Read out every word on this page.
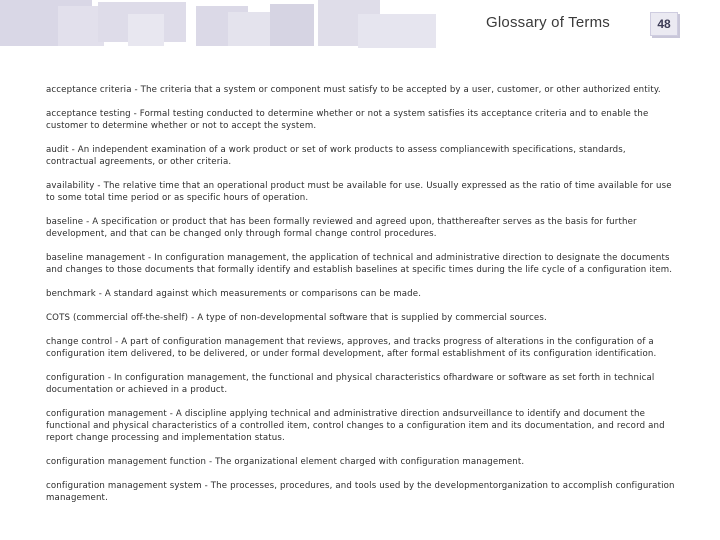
Glossary of Terms	48
acceptance criteria - The criteria that a system or component must satisfy to be accepted by a user, customer, or other authorized entity.
acceptance testing - Formal testing conducted to determine whether or not a system satisfies its acceptance criteria and to enable the customer to determine whether or not to accept the system.
audit - An independent examination of a work product or set of work products to assess compliancewith specifications, standards, contractual agreements, or other criteria.
availability - The relative time that an operational product must be available for use. Usually expressed as the ratio of time available for use to some total time period or as specific hours of operation.
baseline - A specification or product that has been formally reviewed and agreed upon, thatthereafter serves as the basis for further development, and that can be changed only through formal change control procedures.
baseline management - In configuration management, the application of technical and administrative direction to designate the documents and changes to those documents that formally identify and establish baselines at specific times during the life cycle of a configuration item.
benchmark - A standard against which measurements or comparisons can be made.
COTS (commercial off-the-shelf) - A type of non-developmental software that is supplied by commercial sources.
change control - A part of configuration management that reviews, approves, and tracks progress of alterations in the configuration of a configuration item delivered, to be delivered, or under formal development, after formal establishment of its configuration identification.
configuration - In configuration management, the functional and physical characteristics ofhardware or software as set forth in technical documentation or achieved in a product.
configuration management - A discipline applying technical and administrative direction andsurveillance to identify and document the functional and physical characteristics of a controlled item, control changes to a configuration item and its documentation, and record and report change processing and implementation status.
configuration management function - The organizational element charged with configuration management.
configuration management system - The processes, procedures, and tools used by the developmentorganization to accomplish configuration management.
